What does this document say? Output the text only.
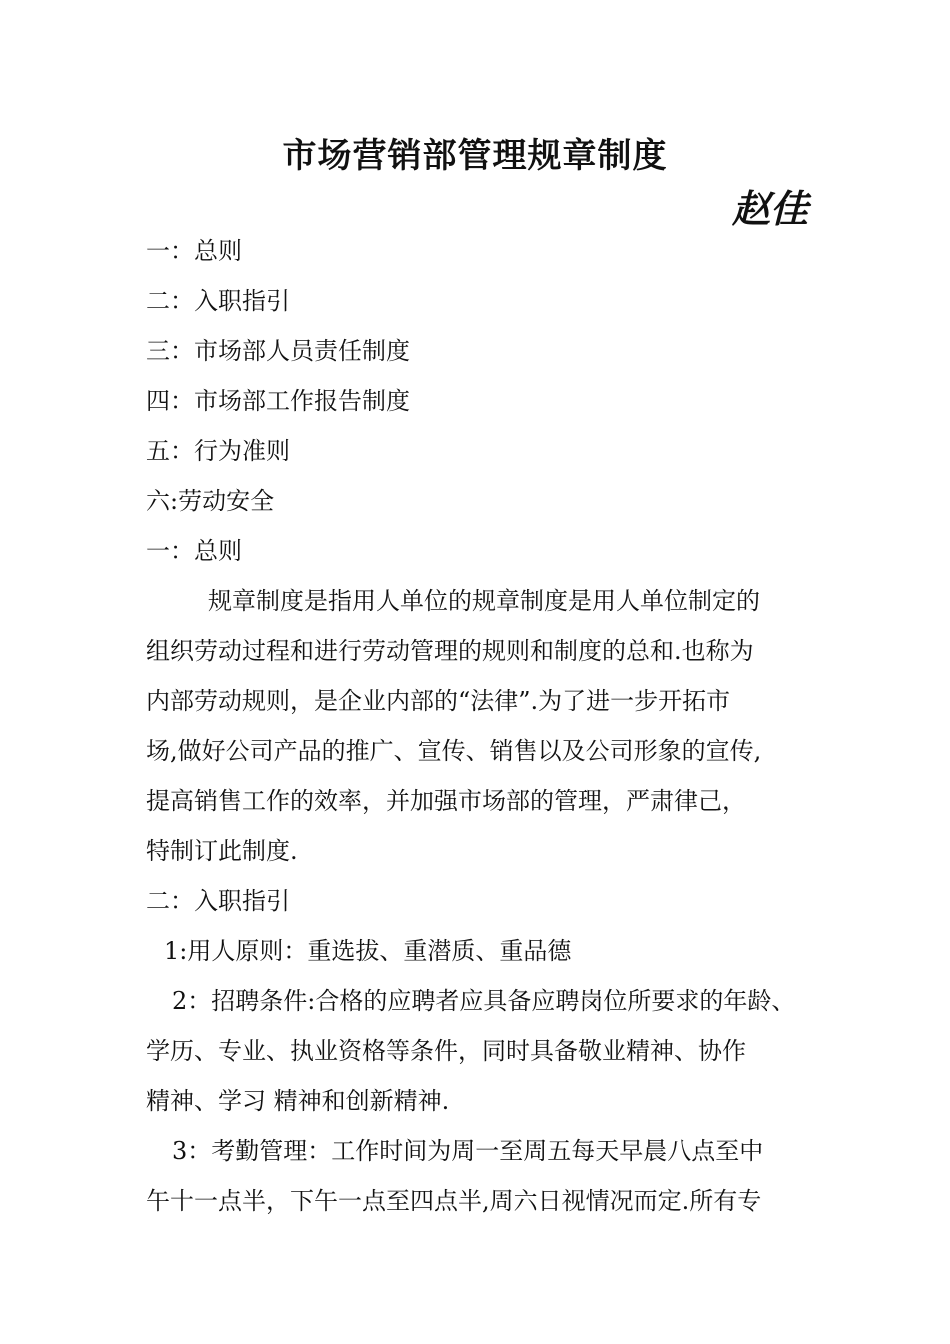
市场营销部管理规章制度
赵佳
一：总则
二：入职指引
三：市场部人员责任制度
四：市场部工作报告制度
五：行为准则
六:劳动安全
一：总则
规章制度是指用人单位的规章制度是用人单位制定的
组织劳动过程和进行劳动管理的规则和制度的总和.也称为
内部劳动规则，是企业内部的“法律”.为了进一步开拓市
场,做好公司产品的推广、宣传、销售以及公司形象的宣传,
提高销售工作的效率，并加强市场部的管理，严肃律己，
特制订此制度.
二：入职指引
1:用人原则：重选拔、重潜质、重品德
2：招聘条件:合格的应聘者应具备应聘岗位所要求的年龄、
学历、专业、执业资格等条件，同时具备敬业精神、协作
精神、学习 精神和创新精神.
3：考勤管理：工作时间为周一至周五每天早晨八点至中
午十一点半，下午一点至四点半,周六日视情况而定.所有专
